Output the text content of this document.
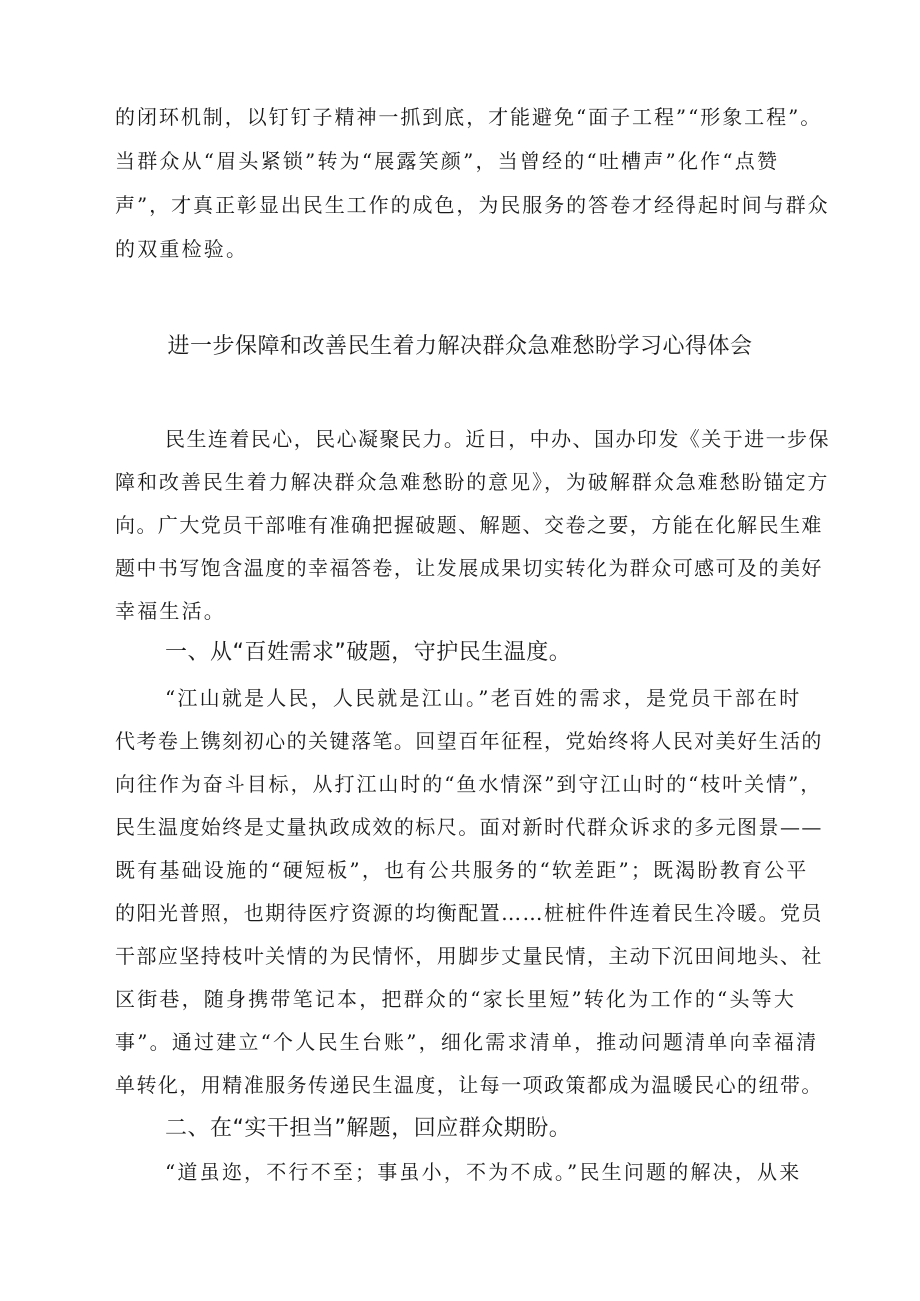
的闭环机制，以钉钉子精神一抓到底，才能避免“面子工程”“形象工程”。

当群众从“眉头紧锁”转为“展露笑颜”，当曾经的“吐槽声”化作“点赞

声”，才真正彰显出民生工作的成色，为民服务的答卷才经得起时间与群众

的双重检验。

进一步保障和改善民生着力解决群众急难愁盼学习心得体会

民生连着民心，民心凝聚民力。近日，中办、国办印发《关于进一步保

障和改善民生着力解决群众急难愁盼的意见》，为破解群众急难愁盼锚定方

向。广大党员干部唯有准确把握破题、解题、交卷之要，方能在化解民生难

题中书写饱含温度的幸福答卷，让发展成果切实转化为群众可感可及的美好

幸福生活。

一、从“百姓需求”破题，守护民生温度。

“江山就是人民，人民就是江山。”老百姓的需求，是党员干部在时

代考卷上镌刻初心的关键落笔。回望百年征程，党始终将人民对美好生活的

向往作为奋斗目标，从打江山时的“鱼水情深”到守江山时的“枝叶关情”，

民生温度始终是丈量执政成效的标尺。面对新时代群众诉求的多元图景——

既有基础设施的“硬短板”，也有公共服务的“软差距”；既渴盼教育公平

的阳光普照，也期待医疗资源的均衡配置……桩桩件件连着民生冷暖。党员

干部应坚持枝叶关情的为民情怀，用脚步丈量民情，主动下沉田间地头、社

区街巷，随身携带笔记本，把群众的“家长里短”转化为工作的“头等大

事”。通过建立“个人民生台账”，细化需求清单，推动问题清单向幸福清

单转化，用精准服务传递民生温度，让每一项政策都成为温暖民心的纽带。

二、在“实干担当”解题，回应群众期盼。

“道虽迩，不行不至；事虽小，不为不成。”民生问题的解决，从来
